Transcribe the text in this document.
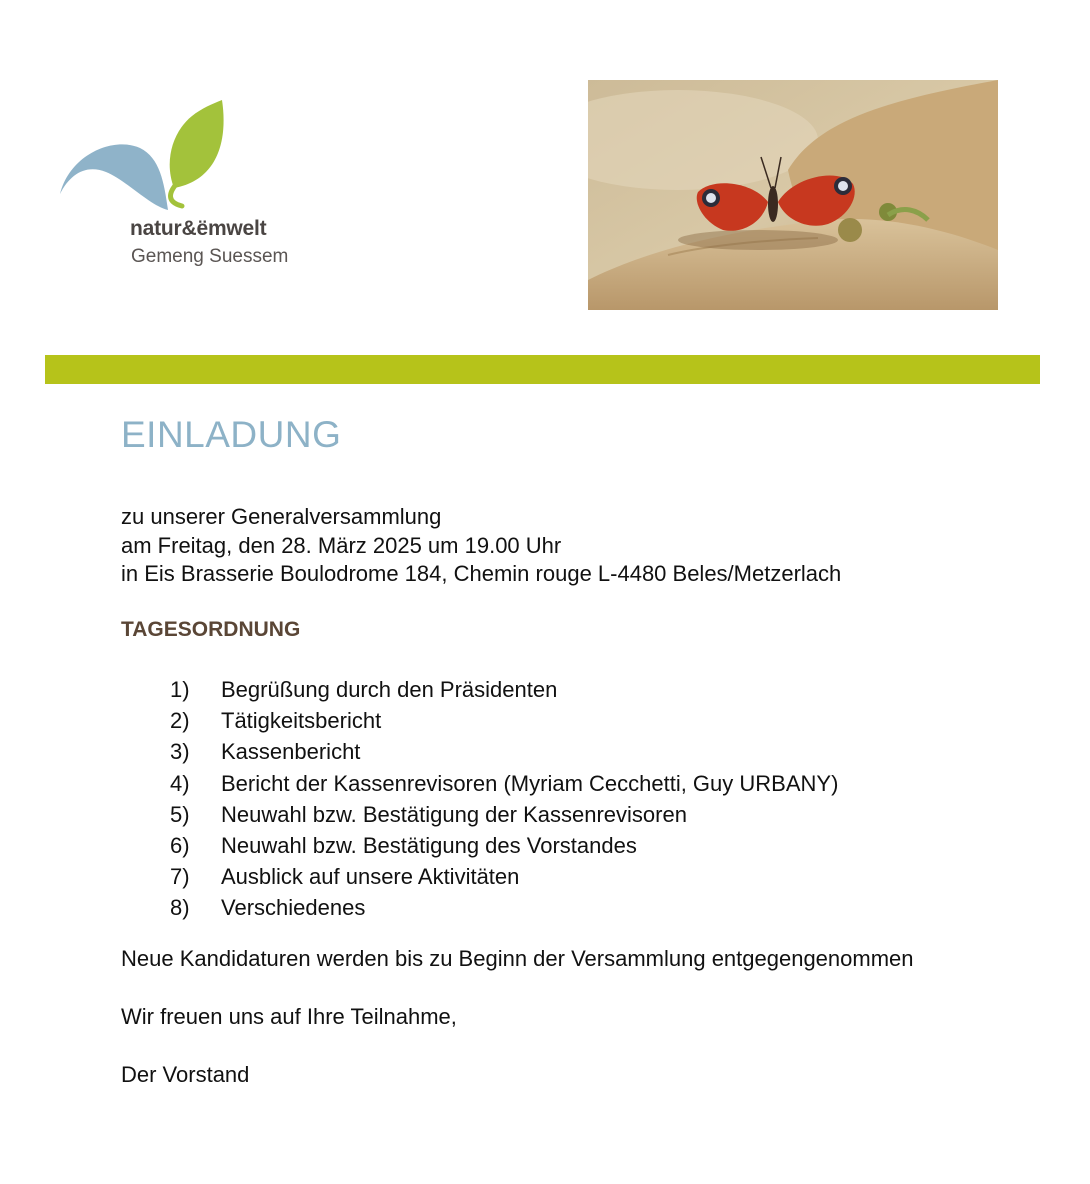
natur&ëmwelt
Gemeng Suessem
EINLADUNG
zu unserer Generalversammlung
am Freitag, den 28. März 2025 um 19.00 Uhr
in Eis Brasserie Boulodrome 184, Chemin rouge L-4480 Beles/Metzerlach
TAGESORDNUNG
1) Begrüßung durch den Präsidenten
2) Tätigkeitsbericht
3) Kassenbericht
4) Bericht der Kassenrevisoren (Myriam Cecchetti, Guy URBANY)
5) Neuwahl bzw. Bestätigung der Kassenrevisoren
6) Neuwahl bzw. Bestätigung des Vorstandes
7) Ausblick auf unsere Aktivitäten
8) Verschiedenes
Neue Kandidaturen werden bis zu Beginn der Versammlung entgegengenommen
Wir freuen uns auf Ihre Teilnahme,
Der Vorstand
